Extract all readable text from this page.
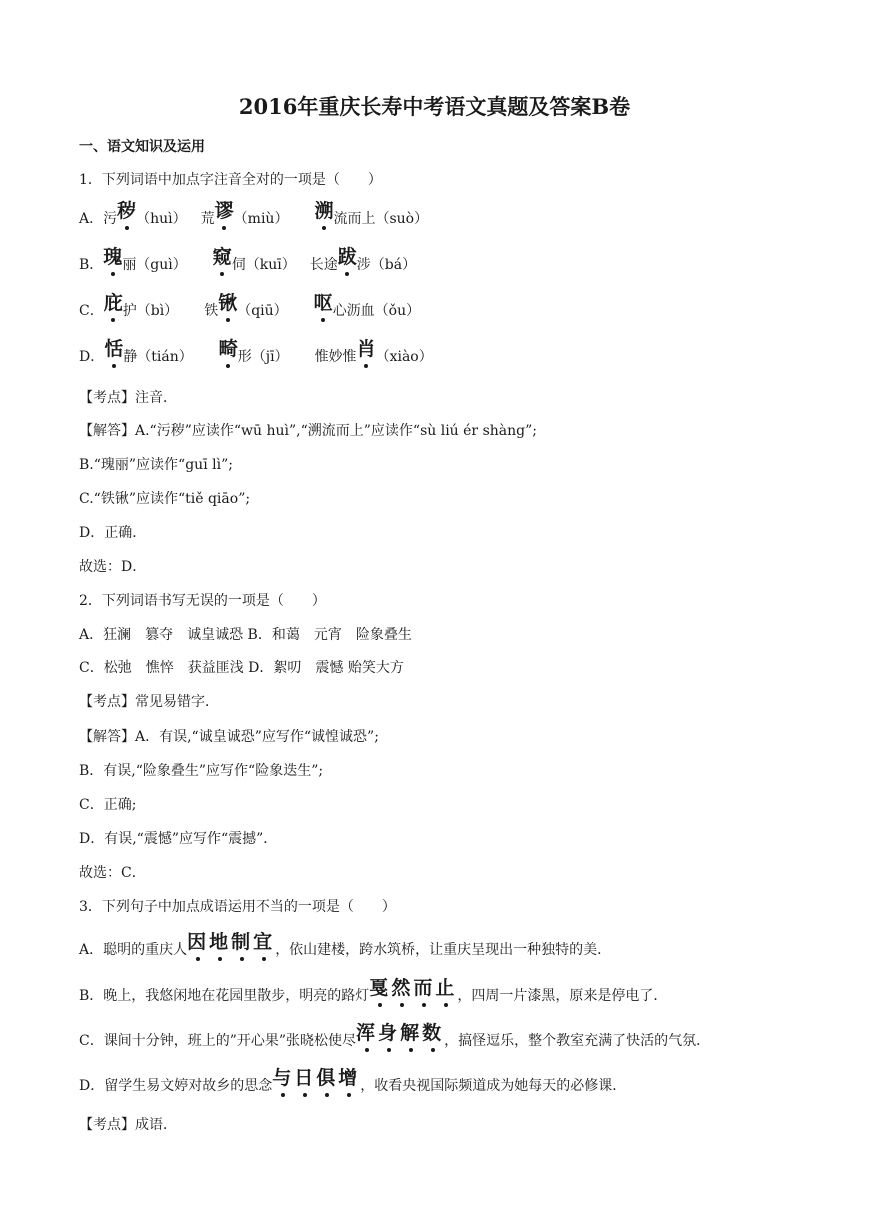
2016年重庆长寿中考语文真题及答案B卷
一、语文知识及运用
1．下列词语中加点字注音全对的一项是（　　）
A．污秽（huì） 荒谬（miù） 溯流而上（suò）
B．瑰丽（guì） 窥伺（kuī） 长途跋涉（bá）
C．庇护（bì） 铁锹（qiū） 呕心沥血（ǒu）
D．恬静（tián） 畸形（jī） 惟妙惟肖（xiào）
【考点】注音．
【解答】A.“污秽”应读作“wū huì”,“溯流而上”应读作“sù liú ér shàng”;
B.“瑰丽”应读作“guī lì”;
C.“铁锹”应读作“tiě qiāo”;
D．正确．
故选：D．
2．下列词语书写无误的一项是（　　）
A．狂澜　篡夺　诚皇诚恐 B．和蔼　元宵　险象叠生
C．松弛　憔悴　获益匪浅 D．絮叨　震憾 贻笑大方
【考点】常见易错字．
【解答】A．有误,“诚皇诚恐”应写作“诚惶诚恐”;
B．有误,“险象叠生”应写作“险象迭生”;
C．正确;
D．有误,“震憾”应写作“震撼”．
故选：C．
3．下列句子中加点成语运用不当的一项是（　　）
A．聪明的重庆人因地制宜，依山建楼，跨水筑桥，让重庆呈现出一种独特的美．
B．晚上，我悠闲地在花园里散步，明亮的路灯戛然而止，四周一片漆黑，原来是停电了．
C．课间十分钟，班上的”开心果”张晓松使尽浑身解数，搞怪逗乐，整个教室充满了快活的气氛．
D．留学生易文婷对故乡的思念与日俱增，收看央视国际频道成为她每天的必修课．
【考点】成语．
